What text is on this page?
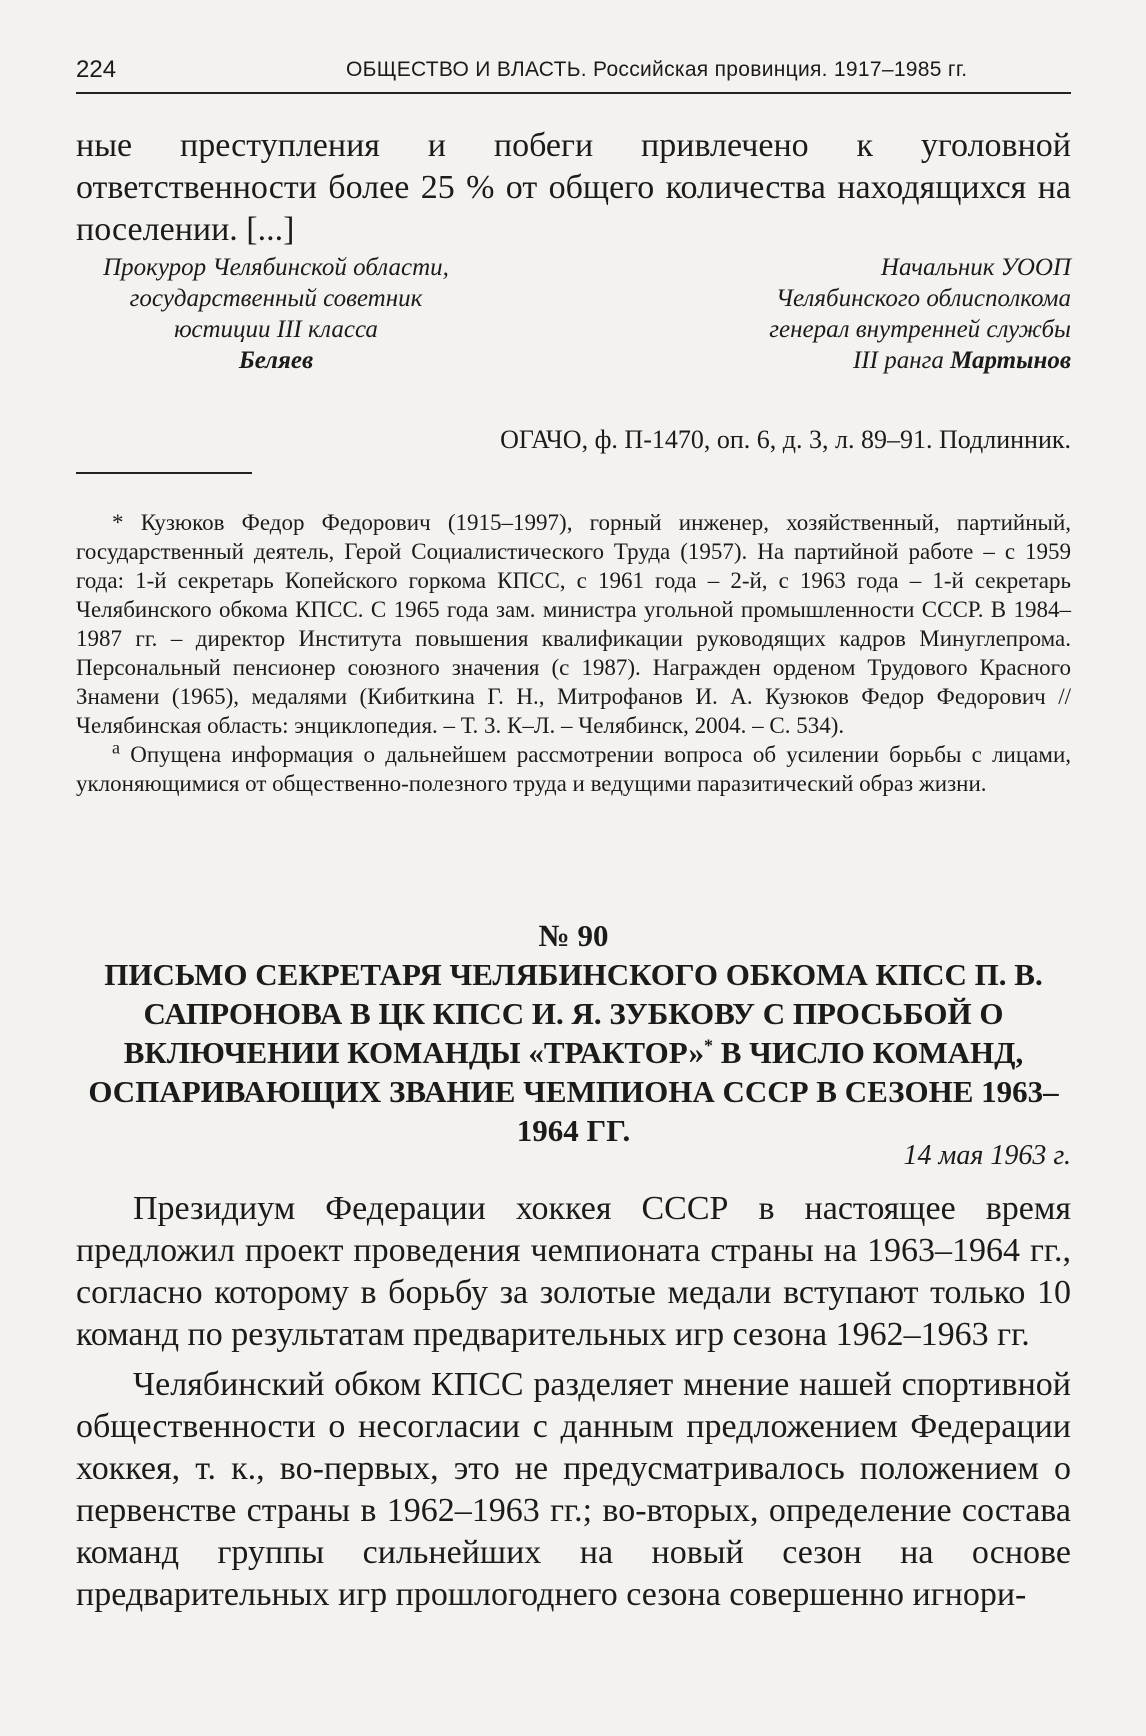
224	ОБЩЕСТВО И ВЛАСТЬ. Российская провинция. 1917–1985 гг.

ные преступления и побеги привлечено к уголовной ответственности более 25 % от общего количества находящихся на поселении. [...]

Прокурор Челябинской области,
государственный советник
юстиции III класса
Беляев
Начальник УООП
Челябинского облисполкома
генерал внутренней службы
III ранга Мартынов
ОГАЧО, ф. П-1470, оп. 6, д. 3, л. 89–91. Подлинник.

* Кузюков Федор Федорович (1915–1997), горный инженер, хозяйственный, партийный, государственный деятель, Герой Социалистического Труда (1957). На партийной работе – с 1959 года: 1-й секретарь Копейского горкома КПСС, с 1961 года – 2-й, с 1963 года – 1-й секретарь Челябинского обкома КПСС. С 1965 года зам. министра угольной промышленности СССР. В 1984–1987 гг. – директор Института повышения квалификации руководящих кадров Минуглепрома. Персональный пенсионер союзного значения (с 1987). Награжден орденом Трудового Красного Знамени (1965), медалями (Кибиткина Г. Н., Митрофанов И. А. Кузюков Федор Федорович // Челябинская область: энциклопедия. – Т. 3. К–Л. – Челябинск, 2004. – С. 534).

$^а$ Опущена информация о дальнейшем рассмотрении вопроса об усилении борьбы с лицами, уклоняющимися от общественно-полезного труда и ведущими паразитический образ жизни.

№ 90
ПИСЬМО СЕКРЕТАРЯ ЧЕЛЯБИНСКОГО ОБКОМА КПСС П. В. САПРОНОВА В ЦК КПСС И. Я. ЗУБКОВУ С ПРОСЬБОЙ О ВКЛЮЧЕНИИ КОМАНДЫ «ТРАКТОР»* В ЧИСЛО КОМАНД, ОСПАРИВАЮЩИХ ЗВАНИЕ ЧЕМПИОНА СССР В СЕЗОНЕ 1963–1964 ГГ.
14 мая 1963 г.

Президиум Федерации хоккея СССР в настоящее время предложил проект проведения чемпионата страны на 1963–1964 гг., согласно которому в борьбу за золотые медали вступают только 10 команд по результатам предварительных игр сезона 1962–1963 гг.

Челябинский обком КПСС разделяет мнение нашей спортивной общественности о несогласии с данным предложением Федерации хоккея, т. к., во-первых, это не предусматривалось положением о первенстве страны в 1962–1963 гг.; во-вторых, определение состава команд группы сильнейших на новый сезон на основе предварительных игр прошлогоднего сезона совершенно игнори-
